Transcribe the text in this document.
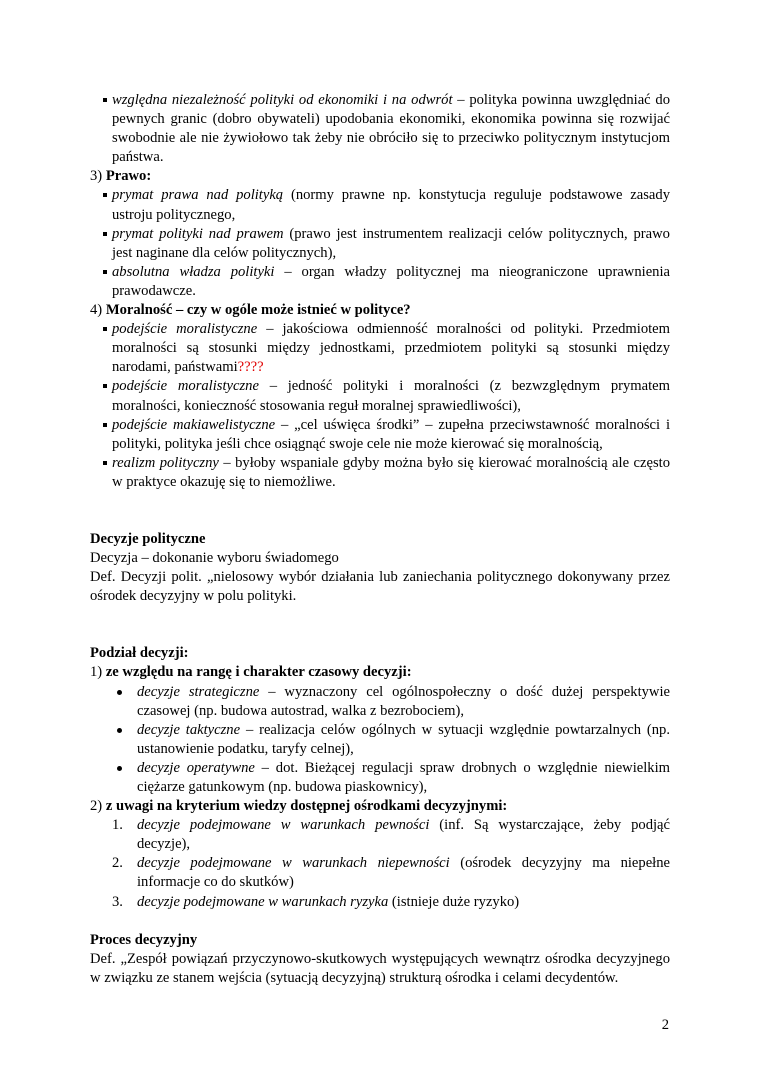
względna niezależność polityki od ekonomiki i na odwrót – polityka powinna uwzględniać do pewnych granic (dobro obywateli) upodobania ekonomiki, ekonomika powinna się rozwijać swobodnie ale nie żywiołowo tak żeby nie obróciło się to przeciwko politycznym instytucjom państwa.

3) Prawo:

prymat prawa nad polityką (normy prawne np. konstytucja reguluje podstawowe zasady ustroju politycznego,

prymat polityki nad prawem (prawo jest instrumentem realizacji celów politycznych, prawo jest naginane dla celów politycznych),

absolutna władza polityki – organ władzy politycznej ma nieograniczone uprawnienia prawodawcze.

4) Moralność – czy w ogóle może istnieć w polityce?

podejście moralistyczne – jakościowa odmienność moralności od polityki. Przedmiotem moralności są stosunki między jednostkami, przedmiotem polityki są stosunki między narodami, państwami????

podejście moralistyczne – jedność polityki i moralności (z bezwzględnym prymatem moralności, konieczność stosowania reguł moralnej sprawiedliwości),

podejście makiawelistyczne – „cel uświęca środki” – zupełna przeciwstawność moralności i polityki, polityka jeśli chce osiągnąć swoje cele nie może kierować się moralnością,

realizm polityczny – byłoby wspaniale gdyby można było się kierować moralnością ale często w praktyce okazuję się to niemożliwe.

Decyzje polityczne

Decyzja – dokonanie wyboru świadomego

Def. Decyzji polit. „nielosowy wybór działania lub zaniechania politycznego dokonywany przez ośrodek decyzyjny w polu polityki.

Podział decyzji:

1) ze względu na rangę i charakter czasowy decyzji:

decyzje strategiczne – wyznaczony cel ogólnospołeczny o dość dużej perspektywie czasowej (np. budowa autostrad, walka z bezrobociem),

decyzje taktyczne – realizacja celów ogólnych w sytuacji względnie powtarzalnych (np. ustanowienie podatku, taryfy celnej),

decyzje operatywne – dot. Bieżącej regulacji spraw drobnych o względnie niewielkim ciężarze gatunkowym (np. budowa piaskownicy),

2) z uwagi na kryterium wiedzy dostępnej ośrodkami decyzyjnymi:

1. decyzje podejmowane w warunkach pewności (inf. Są wystarczające, żeby podjąć decyzje),

2. decyzje podejmowane w warunkach niepewności (ośrodek decyzyjny ma niepełne informacje co do skutków)

3. decyzje podejmowane w warunkach ryzyka (istnieje duże ryzyko)

Proces decyzyjny

Def. „Zespół powiązań przyczynowo-skutkowych występujących wewnątrz ośrodka decyzyjnego w związku ze stanem wejścia (sytuacją decyzyjną) strukturą ośrodka i celami decydentów.

2
